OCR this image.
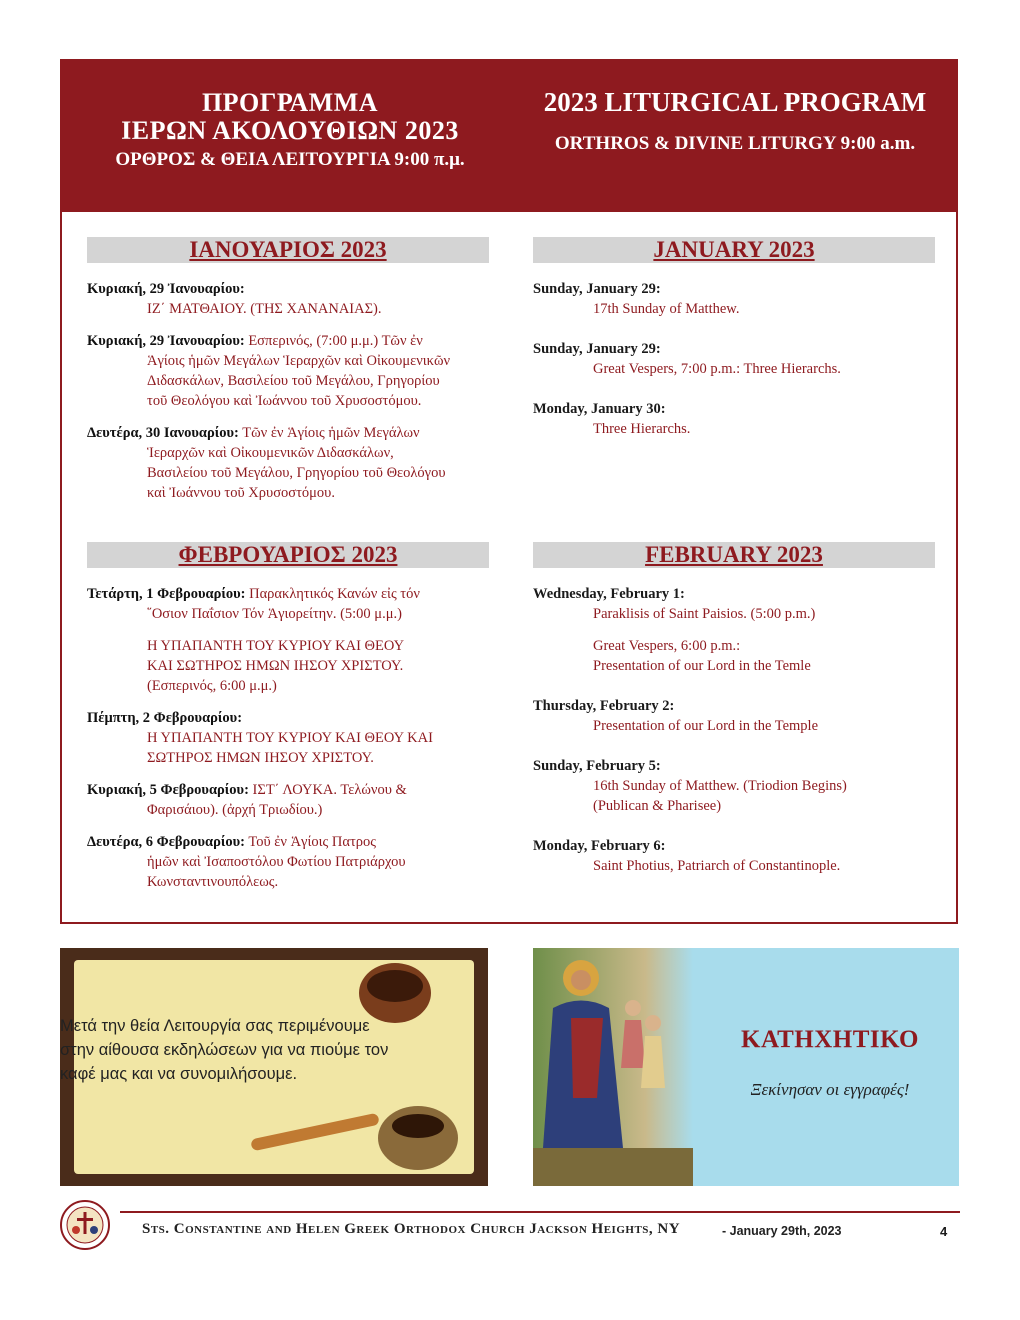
ΠΡΟΓΡΑΜΜΑ
ΙΕΡΩΝ ΑΚΟΛΟΥΘΙΩΝ 2023
ΟΡΘΡΟΣ & ΘΕΙΑ ΛΕΙΤΟΥΡΓΙΑ 9:00 π.μ.
2023 LITURGICAL PROGRAM
ORTHROS & DIVINE LITURGY 9:00 a.m.
ΙΑΝΟΥΑΡΙΟΣ 2023
Κυριακή, 29 Ἰανουαρίου:

ΙΖ΄ ΜΑΤΘΑΙΟΥ. (ΤΗΣ ΧΑΝΑΝΑΙΑΣ).
Κυριακή, 29 Ἰανουαρίου: Εσπερινός, (7:00 μ.μ.) Τῶν ἐν
Ἁγίοις ἡμῶν Μεγάλων Ἱεραρχῶν καὶ Οἰκουμενικῶν
Διδασκάλων, Βασιλείου τοῦ Μεγάλου, Γρηγορίου
τοῦ Θεολόγου καὶ Ἰωάννου τοῦ Χρυσοστόμου.
Δευτέρα, 30 Ιανουαρίου: Τῶν ἐν Ἁγίοις ἡμῶν Μεγάλων
Ἱεραρχῶν καὶ Οἰκουμενικῶν Διδασκάλων,
Βασιλείου τοῦ Μεγάλου, Γρηγορίου τοῦ Θεολόγου
καὶ Ἰωάννου τοῦ Χρυσοστόμου.
JANUARY 2023
Sunday, January 29:
17th Sunday of Matthew.
Sunday, January 29:
Great Vespers, 7:00 p.m.: Three Hierarchs.
Monday, January 30:
Three Hierarchs.
ΦΕΒΡΟΥΑΡΙΟΣ 2023
Τετάρτη, 1 Φεβρουαρίου: Παρακλητικός Κανών εἰς τόν
῞Οσιον Παΐσιον Τόν Ἁγιορείτην. (5:00 μ.μ.)
Η ΥΠΑΠΑΝΤΗ ΤΟΥ ΚΥΡΙΟΥ ΚΑΙ ΘΕΟΥ
ΚΑΙ ΣΩΤΗΡΟΣ ΗΜΩΝ ΙΗΣΟΥ ΧΡΙΣΤΟΥ.
(Εσπερινός, 6:00 μ.μ.)
Πέμπτη, 2 Φεβρουαρίου:
Η ΥΠΑΠΑΝΤΗ ΤΟΥ ΚΥΡΙΟΥ ΚΑΙ ΘΕΟΥ ΚΑΙ
ΣΩΤΗΡΟΣ ΗΜΩΝ ΙΗΣΟΥ ΧΡΙΣΤΟΥ.
Κυριακή, 5 Φεβρουαρίου: ΙΣΤ΄ ΛΟΥΚΑ. Τελώνου &
Φαρισάιου). (ἀρχή Τριωδίου.)
Δευτέρα, 6 Φεβρουαρίου: Τοῦ ἐν Ἁγίοις Πατρος
ἡμῶν καὶ Ἰσαποστόλου Φωτίου Πατριάρχου
Κωνσταντινουπόλεως.
FEBRUARY 2023
Wednesday, February 1:
Paraklisis of Saint Paisios. (5:00 p.m.)
Great Vespers, 6:00 p.m.:
Presentation of our Lord in the Temle
Thursday, February 2:
Presentation of our Lord in the Temple
Sunday, February 5:
16th Sunday of Matthew. (Triodion Begins)
(Publican & Pharisee)
Monday, February 6:
Saint Photius, Patriarch of Constantinople.
Μετά την θεία Λειτουργία σας περιμένουμε στην αίθουσα εκδηλώσεων για να πιούμε τον καφέ μας και να συνομιλήσουμε.
ΚΑΤΗΧΗΤΙΚΟ
Ξεκίνησαν οι εγγραφές!
Sts. Constantine and Helen Greek Orthodox Church Jackson Heights, NY	- January 29th, 2023	4
